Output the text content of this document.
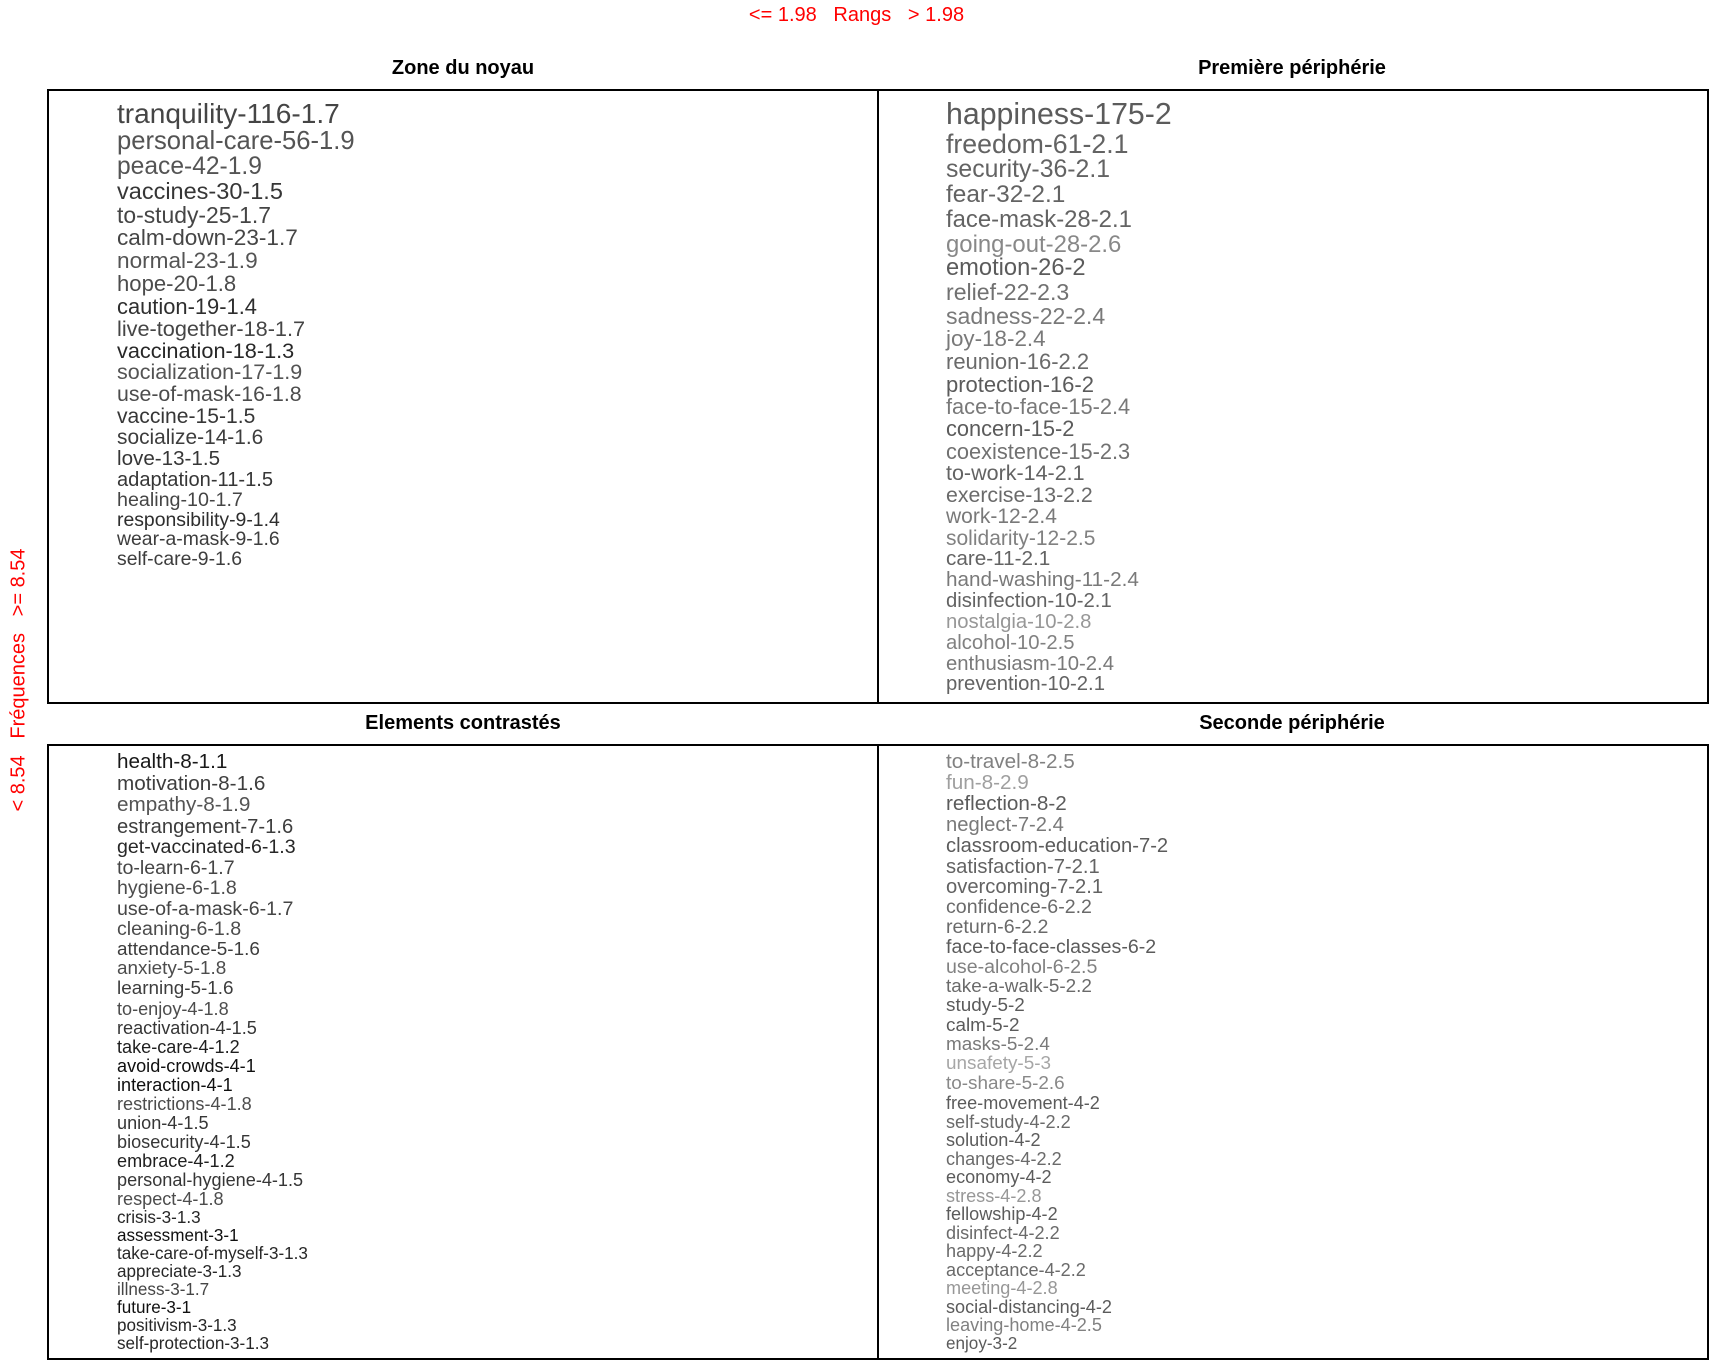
<= 1.98 Rangs > 1.98
< 8.54   Fréquences   >= 8.54
Zone du noyau	Première périphérie
Elements contrastés	Seconde périphérie
tranquility-116-1.7
personal-care-56-1.9
peace-42-1.9
vaccines-30-1.5
to-study-25-1.7
calm-down-23-1.7
normal-23-1.9
hope-20-1.8
caution-19-1.4
live-together-18-1.7
vaccination-18-1.3
socialization-17-1.9
use-of-mask-16-1.8
vaccine-15-1.5
socialize-14-1.6
love-13-1.5
adaptation-11-1.5
healing-10-1.7
responsibility-9-1.4
wear-a-mask-9-1.6
self-care-9-1.6
happiness-175-2
freedom-61-2.1
security-36-2.1
fear-32-2.1
face-mask-28-2.1
going-out-28-2.6
emotion-26-2
relief-22-2.3
sadness-22-2.4
joy-18-2.4
reunion-16-2.2
protection-16-2
face-to-face-15-2.4
concern-15-2
coexistence-15-2.3
to-work-14-2.1
exercise-13-2.2
work-12-2.4
solidarity-12-2.5
care-11-2.1
hand-washing-11-2.4
disinfection-10-2.1
nostalgia-10-2.8
alcohol-10-2.5
enthusiasm-10-2.4
prevention-10-2.1
health-8-1.1
motivation-8-1.6
empathy-8-1.9
estrangement-7-1.6
get-vaccinated-6-1.3
to-learn-6-1.7
hygiene-6-1.8
use-of-a-mask-6-1.7
cleaning-6-1.8
attendance-5-1.6
anxiety-5-1.8
learning-5-1.6
to-enjoy-4-1.8
reactivation-4-1.5
take-care-4-1.2
avoid-crowds-4-1
interaction-4-1
restrictions-4-1.8
union-4-1.5
biosecurity-4-1.5
embrace-4-1.2
personal-hygiene-4-1.5
respect-4-1.8
crisis-3-1.3
assessment-3-1
take-care-of-myself-3-1.3
appreciate-3-1.3
illness-3-1.7
future-3-1
positivism-3-1.3
self-protection-3-1.3
to-travel-8-2.5
fun-8-2.9
reflection-8-2
neglect-7-2.4
classroom-education-7-2
satisfaction-7-2.1
overcoming-7-2.1
confidence-6-2.2
return-6-2.2
face-to-face-classes-6-2
use-alcohol-6-2.5
take-a-walk-5-2.2
study-5-2
calm-5-2
masks-5-2.4
unsafety-5-3
to-share-5-2.6
free-movement-4-2
self-study-4-2.2
solution-4-2
changes-4-2.2
economy-4-2
stress-4-2.8
fellowship-4-2
disinfect-4-2.2
happy-4-2.2
acceptance-4-2.2
meeting-4-2.8
social-distancing-4-2
leaving-home-4-2.5
enjoy-3-2
